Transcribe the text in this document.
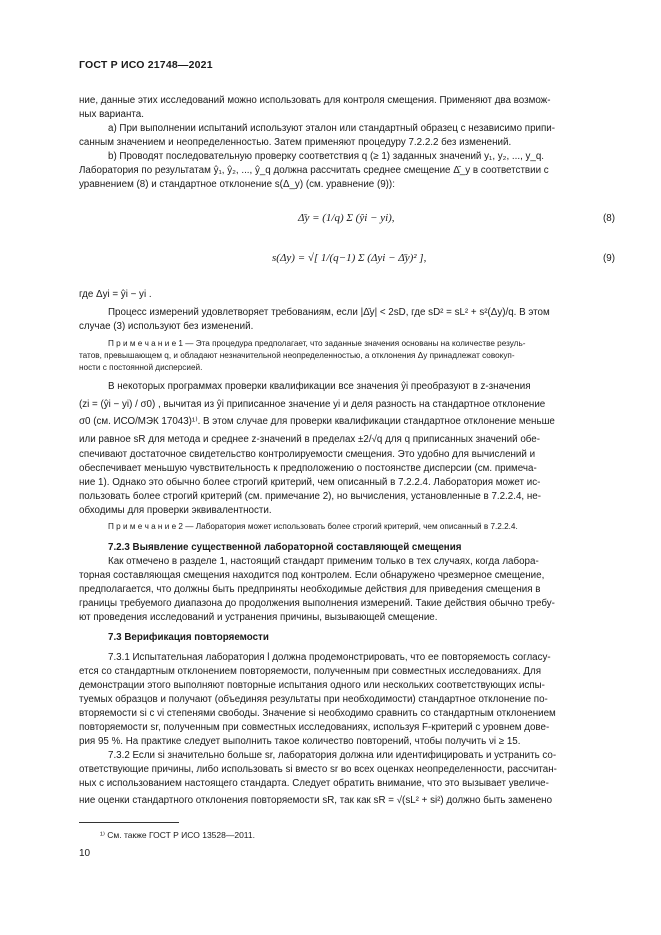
ГОСТ Р ИСО 21748—2021
ние, данные этих исследований можно использовать для контроля смещения. Применяют два возмож-
ных варианта.
а) При выполнении испытаний используют эталон или стандартный образец с независимо припи-
санным значением и неопределенностью. Затем применяют процедуру 7.2.2.2 без изменений.
b) Проводят последовательную проверку соответствия q (≥ 1) заданных значений y₁, y₂, ..., y_q.
Лаборатория по результатам ŷ₁, ŷ₂, ..., ŷ_q должна рассчитать среднее смещение Δ̄_y в соответствии с
уравнением (8) и стандартное отклонение s(Δ_y) (см. уравнение (9)):
Δ̄y = (1/q) Σ (ŷi − yi),	(8)
s(Δy) = √[ 1/(q−1) Σ (Δyi − Δ̄y)² ],	(9)
где Δyi = ŷi − yi .
Процесс измерений удовлетворяет требованиям, если |Δ̄y| < 2sD, где sD² = sL² + s²(Δy)/q. В этом
случае (3) используют без изменений.
П р и м е ч а н и е 1 — Эта процедура предполагает, что заданные значения основаны на количестве резуль-
татов, превышающем q, и обладают незначительной неопределенностью, а отклонения Δy принадлежат совокуп-
ности с постоянной дисперсией.
В некоторых программах проверки квалификации все значения ŷi преобразуют в z-значения
(zi = (ŷi − yi) / σ0) , вычитая из ŷi приписанное значение yi и деля разность на стандартное отклонение
σ0 (см. ИСО/МЭК 17043)¹⁾. В этом случае для проверки квалификации стандартное отклонение меньше
или равное sR для метода и среднее z-значений в пределах ±2/√q для q приписанных значений обе-
спечивают достаточное свидетельство контролируемости смещения. Это удобно для вычислений и
обеспечивает меньшую чувствительность к предположению о постоянстве дисперсии (см. примеча-
ние 1). Однако это обычно более строгий критерий, чем описанный в 7.2.2.4. Лаборатория может ис-
пользовать более строгий критерий (см. примечание 2), но вычисления, установленные в 7.2.2.4, не-
обходимы для проверки эквивалентности.
П р и м е ч а н и е 2 — Лаборатория может использовать более строгий критерий, чем описанный в 7.2.2.4.
7.2.3 Выявление существенной лабораторной составляющей смещения
Как отмечено в разделе 1, настоящий стандарт применим только в тех случаях, когда лабора-
торная составляющая смещения находится под контролем. Если обнаружено чрезмерное смещение,
предполагается, что должны быть предприняты необходимые действия для приведения смещения в
границы требуемого диапазона до продолжения выполнения измерений. Такие действия обычно требу-
ют проведения исследований и устранения причины, вызывающей смещение.
7.3 Верификация повторяемости
7.3.1 Испытательная лаборатория l должна продемонстрировать, что ее повторяемость согласу-
ется со стандартным отклонением повторяемости, полученным при совместных исследованиях. Для
демонстрации этого выполняют повторные испытания одного или нескольких соответствующих испы-
туемых образцов и получают (объединяя результаты при необходимости) стандартное отклонение по-
вторяемости si с νi степенями свободы. Значение si необходимо сравнить со стандартным отклонением
повторяемости sr, полученным при совместных исследованиях, используя F-критерий с уровнем дове-
рия 95 %. На практике следует выполнить такое количество повторений, чтобы получить νi ≥ 15.
7.3.2 Если si значительно больше sr, лаборатория должна или идентифицировать и устранить со-
ответствующие причины, либо использовать si вместо sr во всех оценках неопределенности, рассчитан-
ных с использованием настоящего стандарта. Следует обратить внимание, что это вызывает увеличе-
ние оценки стандартного отклонения повторяемости sR, так как sR = √(sL² + si²) должно быть заменено
¹⁾ См. также ГОСТ Р ИСО 13528—2011.
10
